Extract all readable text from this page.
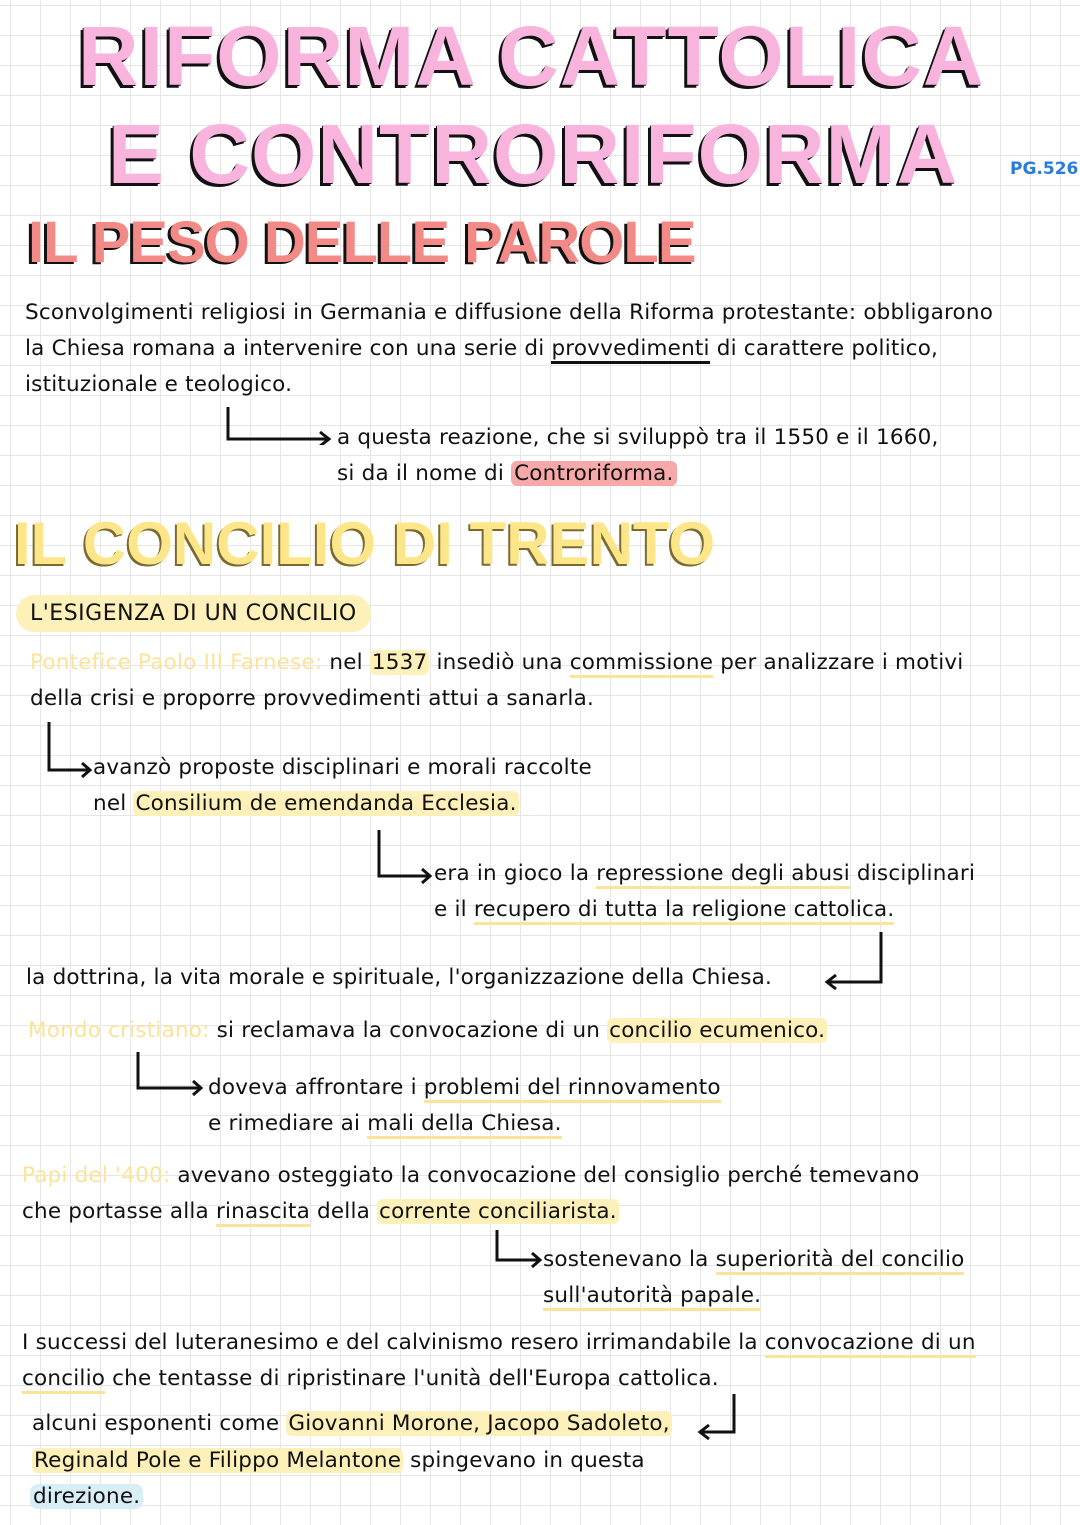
RIFORMA CATTOLICA
E CONTRORIFORMA	PG.526
IL PESO DELLE PAROLE
Sconvolgimenti religiosi in Germania e diffusione della Riforma protestante: obbligarono
la Chiesa romana a intervenire con una serie di provvedimenti di carattere politico,
istituzionale e teologico.
a questa reazione, che si sviluppò tra il 1550 e il 1660,
si da il nome di Controriforma.
IL CONCILIO DI TRENTO
L'ESIGENZA DI UN CONCILIO
Pontefice Paolo III Farnese: nel 1537 insediò una commissione per analizzare i motivi
della crisi e proporre provvedimenti attui a sanarla.
avanzò proposte disciplinari e morali raccolte
nel Consilium de emendanda Ecclesia.
era in gioco la repressione degli abusi disciplinari
e il recupero di tutta la religione cattolica.
la dottrina, la vita morale e spirituale, l'organizzazione della Chiesa.
Mondo cristiano: si reclamava la convocazione di un concilio ecumenico.
doveva affrontare i problemi del rinnovamento
e rimediare ai mali della Chiesa.
Papi del '400: avevano osteggiato la convocazione del consiglio perché temevano
che portasse alla rinascita della corrente conciliarista.
sostenevano la superiorità del concilio
sull'autorità papale.
I successi del luteranesimo e del calvinismo resero irrimandabile la convocazione di un
concilio che tentasse di ripristinare l'unità dell'Europa cattolica.
alcuni esponenti come Giovanni Morone, Jacopo Sadoleto,
Reginald Pole e Filippo Melantone spingevano in questa
direzione.
